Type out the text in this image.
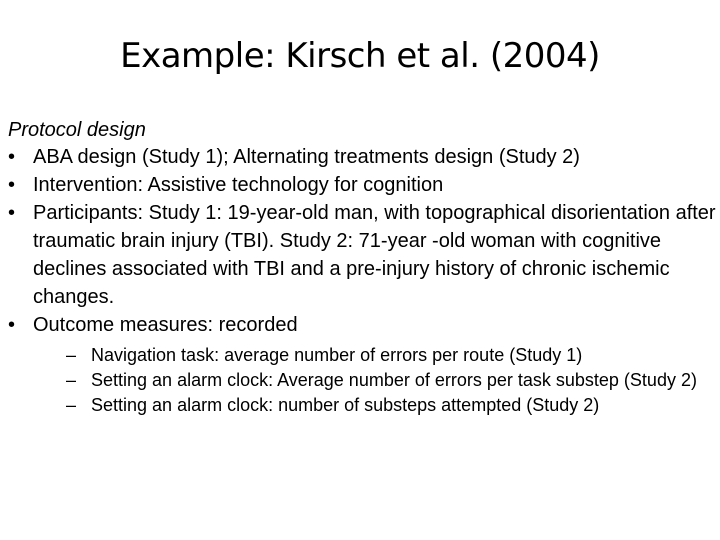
Example: Kirsch et al. (2004)

Protocol design

• ABA design (Study 1); Alternating treatments design (Study 2)
• Intervention: Assistive technology for cognition
• Participants: Study 1: 19-year-old man, with topographical disorientation after traumatic brain injury (TBI). Study 2: 71-year -old woman with cognitive declines associated with TBI and a pre-injury history of chronic ischemic changes.
• Outcome measures: recorded
– Navigation task: average number of errors per route (Study 1)
– Setting an alarm clock: Average number of errors per task substep (Study 2)
– Setting an alarm clock: number of substeps attempted (Study 2)
